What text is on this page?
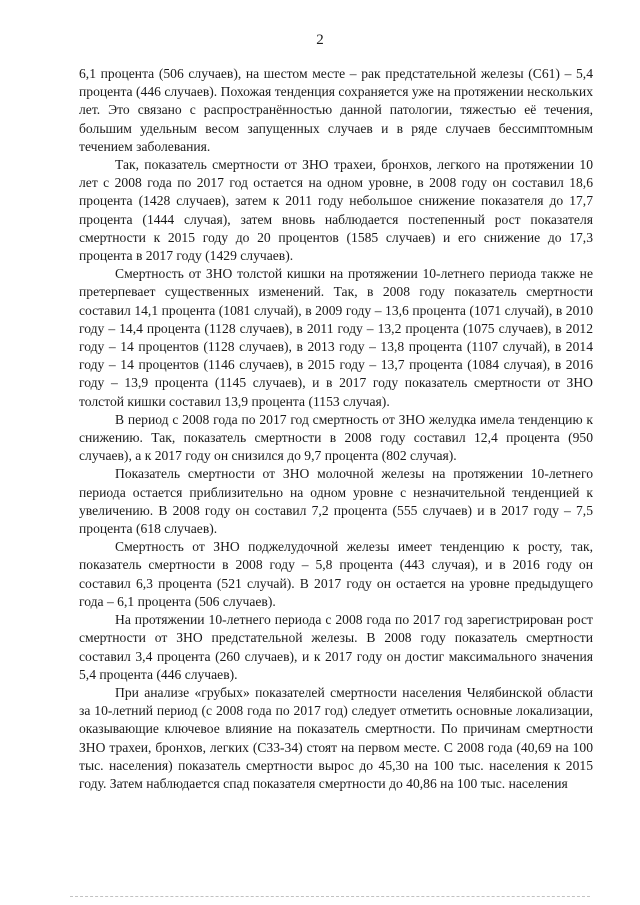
2

6,1 процента (506 случаев), на шестом месте – рак предстательной железы (С61) – 5,4 процента (446 случаев). Похожая тенденция сохраняется уже на протяжении нескольких лет. Это связано с распространённостью данной патологии, тяжестью её течения, большим удельным весом запущенных случаев и в ряде случаев бессимптомным течением заболевания.

Так, показатель смертности от ЗНО трахеи, бронхов, легкого на протяжении 10 лет с 2008 года по 2017 год остается на одном уровне, в 2008 году он составил 18,6 процента (1428 случаев), затем к 2011 году небольшое снижение показателя до 17,7 процента (1444 случая), затем вновь наблюдается постепенный рост показателя смертности к 2015 году до 20 процентов (1585 случаев) и его снижение до 17,3 процента в 2017 году (1429 случаев).

Смертность от ЗНО толстой кишки на протяжении 10-летнего периода также не претерпевает существенных изменений. Так, в 2008 году показатель смертности составил 14,1 процента (1081 случай), в 2009 году – 13,6 процента (1071 случай), в 2010 году – 14,4 процента (1128 случаев), в 2011 году – 13,2 процента (1075 случаев), в 2012 году – 14 процентов (1128 случаев), в 2013 году – 13,8 процента (1107 случай), в 2014 году – 14 процентов (1146 случаев), в 2015 году – 13,7 процента (1084 случая), в 2016 году – 13,9 процента (1145 случаев), и в 2017 году показатель смертности от ЗНО толстой кишки составил 13,9 процента (1153 случая).

В период с 2008 года по 2017 год смертность от ЗНО желудка имела тенденцию к снижению. Так, показатель смертности в 2008 году составил 12,4 процента (950 случаев), а к 2017 году он снизился до 9,7 процента (802 случая).

Показатель смертности от ЗНО молочной железы на протяжении 10-летнего периода остается приблизительно на одном уровне с незначительной тенденцией к увеличению. В 2008 году он составил 7,2 процента (555 случаев) и в 2017 году – 7,5 процента (618 случаев).

Смертность от ЗНО поджелудочной железы имеет тенденцию к росту, так, показатель смертности в 2008 году – 5,8 процента (443 случая), и в 2016 году он составил 6,3 процента (521 случай). В 2017 году он остается на уровне предыдущего года – 6,1 процента (506 случаев).

На протяжении 10-летнего периода с 2008 года по 2017 год зарегистрирован рост смертности от ЗНО предстательной железы. В 2008 году показатель смертности составил 3,4 процента (260 случаев), и к 2017 году он достиг максимального значения 5,4 процента (446 случаев).

При анализе «грубых» показателей смертности населения Челябинской области за 10-летний период (с 2008 года по 2017 год) следует отметить основные локализации, оказывающие ключевое влияние на показатель смертности. По причинам смертности ЗНО трахеи, бронхов, легких (С33-34) стоят на первом месте. С 2008 года (40,69 на 100 тыс. населения) показатель смертности вырос до 45,30 на 100 тыс. населения к 2015 году. Затем наблюдается спад показателя смертности до 40,86 на 100 тыс. населения
